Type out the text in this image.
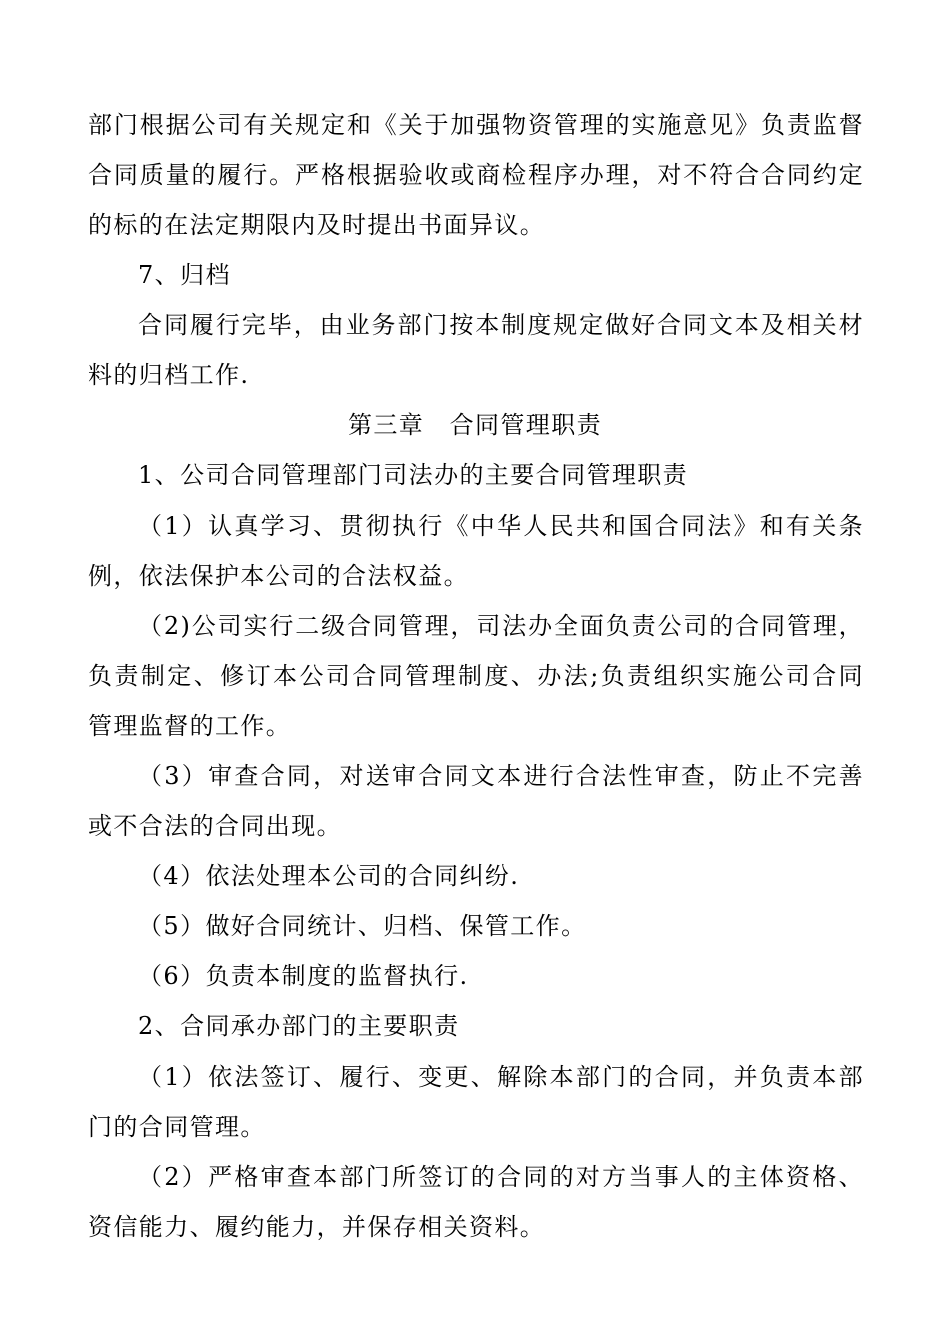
部门根据公司有关规定和《关于加强物资管理的实施意见》负责监督
合同质量的履行。严格根据验收或商检程序办理，对不符合合同约定
的标的在法定期限内及时提出书面异议。
7、归档
合同履行完毕，由业务部门按本制度规定做好合同文本及相关材
料的归档工作.
第三章　合同管理职责
1、公司合同管理部门司法办的主要合同管理职责
（1）认真学习、贯彻执行《中华人民共和国合同法》和有关条
例，依法保护本公司的合法权益。
（2)公司实行二级合同管理，司法办全面负责公司的合同管理，
负责制定、修订本公司合同管理制度、办法;负责组织实施公司合同
管理监督的工作。
（3）审查合同，对送审合同文本进行合法性审查，防止不完善
或不合法的合同出现。
（4）依法处理本公司的合同纠纷.
（5）做好合同统计、归档、保管工作。
（6）负责本制度的监督执行.
2、合同承办部门的主要职责
（1）依法签订、履行、变更、解除本部门的合同，并负责本部
门的合同管理。
（2）严格审查本部门所签订的合同的对方当事人的主体资格、
资信能力、履约能力，并保存相关资料。
